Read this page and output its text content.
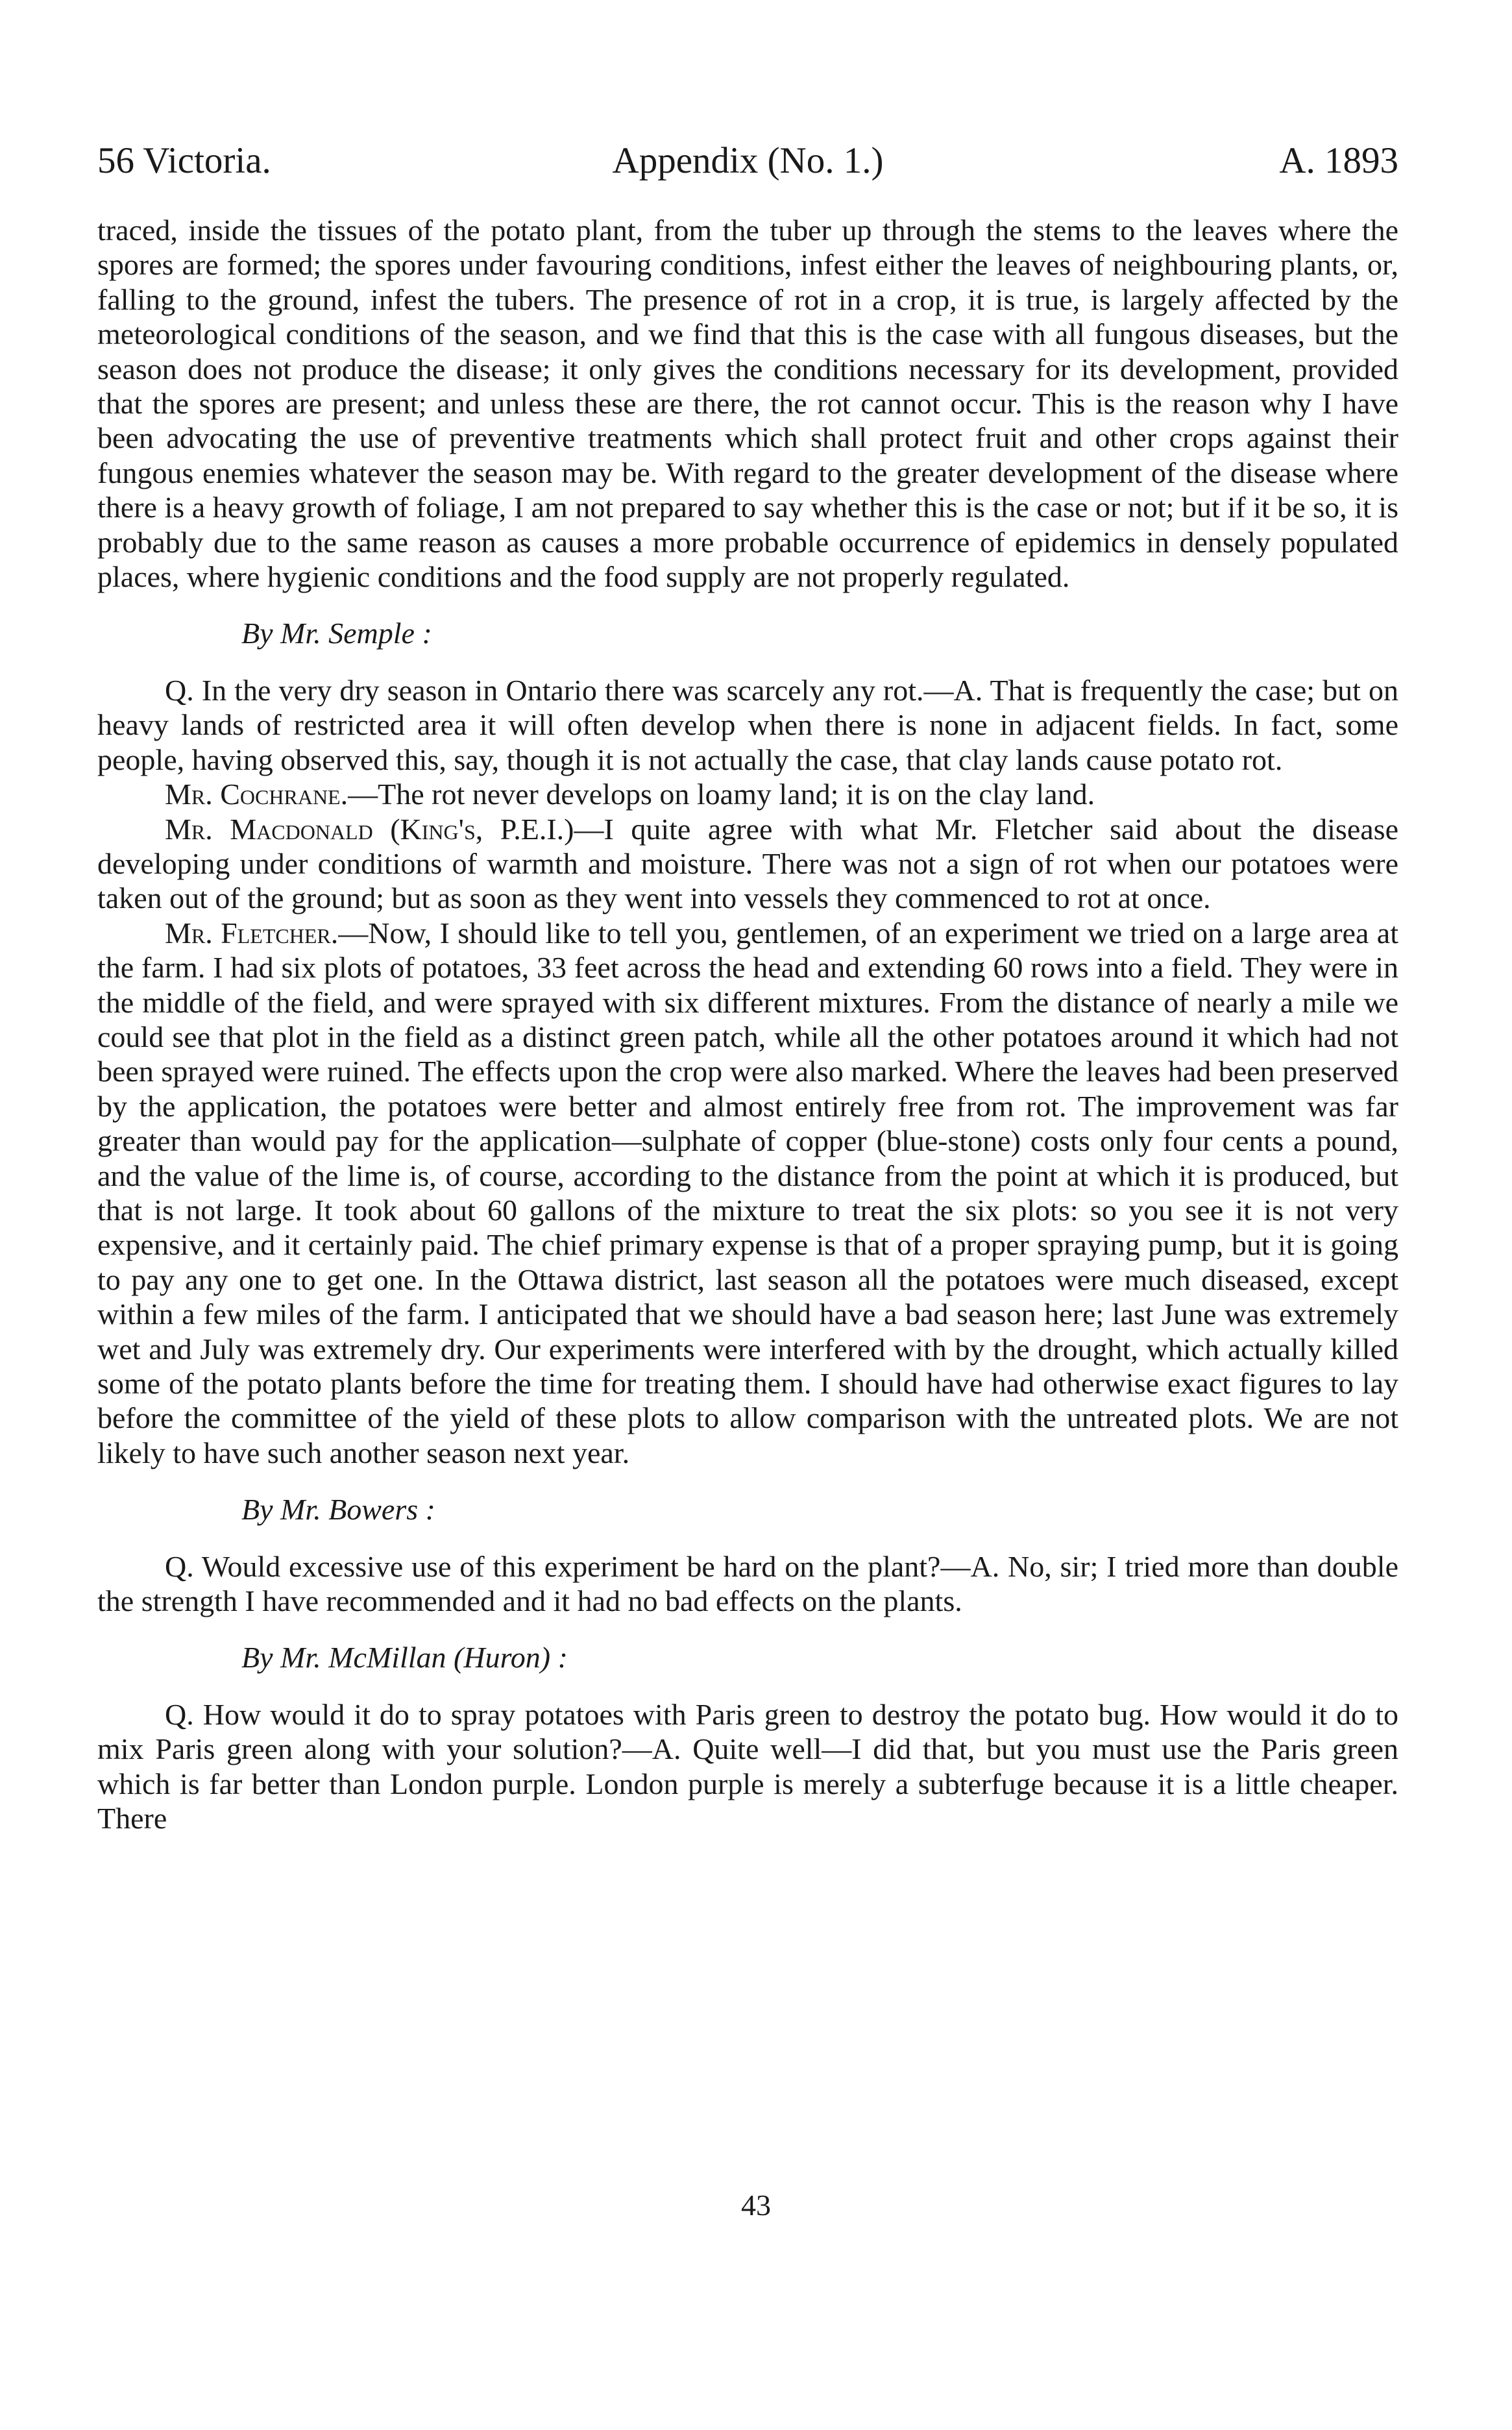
56 Victoria.	Appendix (No. 1.)	A. 1893

traced, inside the tissues of the potato plant, from the tuber up through the stems to the leaves where the spores are formed; the spores under favouring conditions, infest either the leaves of neighbouring plants, or, falling to the ground, infest the tubers. The presence of rot in a crop, it is true, is largely affected by the meteorological conditions of the season, and we find that this is the case with all fungous diseases, but the season does not produce the disease; it only gives the conditions necessary for its development, provided that the spores are present; and unless these are there, the rot cannot occur. This is the reason why I have been advocating the use of preventive treatments which shall protect fruit and other crops against their fungous enemies whatever the season may be. With regard to the greater development of the disease where there is a heavy growth of foliage, I am not prepared to say whether this is the case or not; but if it be so, it is probably due to the same reason as causes a more probable occurrence of epidemics in densely populated places, where hygienic conditions and the food supply are not properly regulated.

By Mr. Semple :

Q. In the very dry season in Ontario there was scarcely any rot.—A. That is frequently the case; but on heavy lands of restricted area it will often develop when there is none in adjacent fields. In fact, some people, having observed this, say, though it is not actually the case, that clay lands cause potato rot.

Mr. Cochrane.—The rot never develops on loamy land; it is on the clay land.

Mr. Macdonald (King's, P.E.I.)—I quite agree with what Mr. Fletcher said about the disease developing under conditions of warmth and moisture. There was not a sign of rot when our potatoes were taken out of the ground; but as soon as they went into vessels they commenced to rot at once.

Mr. Fletcher.—Now, I should like to tell you, gentlemen, of an experiment we tried on a large area at the farm. I had six plots of potatoes, 33 feet across the head and extending 60 rows into a field. They were in the middle of the field, and were sprayed with six different mixtures. From the distance of nearly a mile we could see that plot in the field as a distinct green patch, while all the other potatoes around it which had not been sprayed were ruined. The effects upon the crop were also marked. Where the leaves had been preserved by the application, the potatoes were better and almost entirely free from rot. The improvement was far greater than would pay for the application—sulphate of copper (blue-stone) costs only four cents a pound, and the value of the lime is, of course, according to the distance from the point at which it is produced, but that is not large. It took about 60 gallons of the mixture to treat the six plots: so you see it is not very expensive, and it certainly paid. The chief primary expense is that of a proper spraying pump, but it is going to pay any one to get one. In the Ottawa district, last season all the potatoes were much diseased, except within a few miles of the farm. I anticipated that we should have a bad season here; last June was extremely wet and July was extremely dry. Our experiments were interfered with by the drought, which actually killed some of the potato plants before the time for treating them. I should have had otherwise exact figures to lay before the committee of the yield of these plots to allow comparison with the untreated plots. We are not likely to have such another season next year.

By Mr. Bowers :

Q. Would excessive use of this experiment be hard on the plant?—A. No, sir; I tried more than double the strength I have recommended and it had no bad effects on the plants.

By Mr. McMillan (Huron) :

Q. How would it do to spray potatoes with Paris green to destroy the potato bug. How would it do to mix Paris green along with your solution?—A. Quite well—I did that, but you must use the Paris green which is far better than London purple. London purple is merely a subterfuge because it is a little cheaper. There

43
